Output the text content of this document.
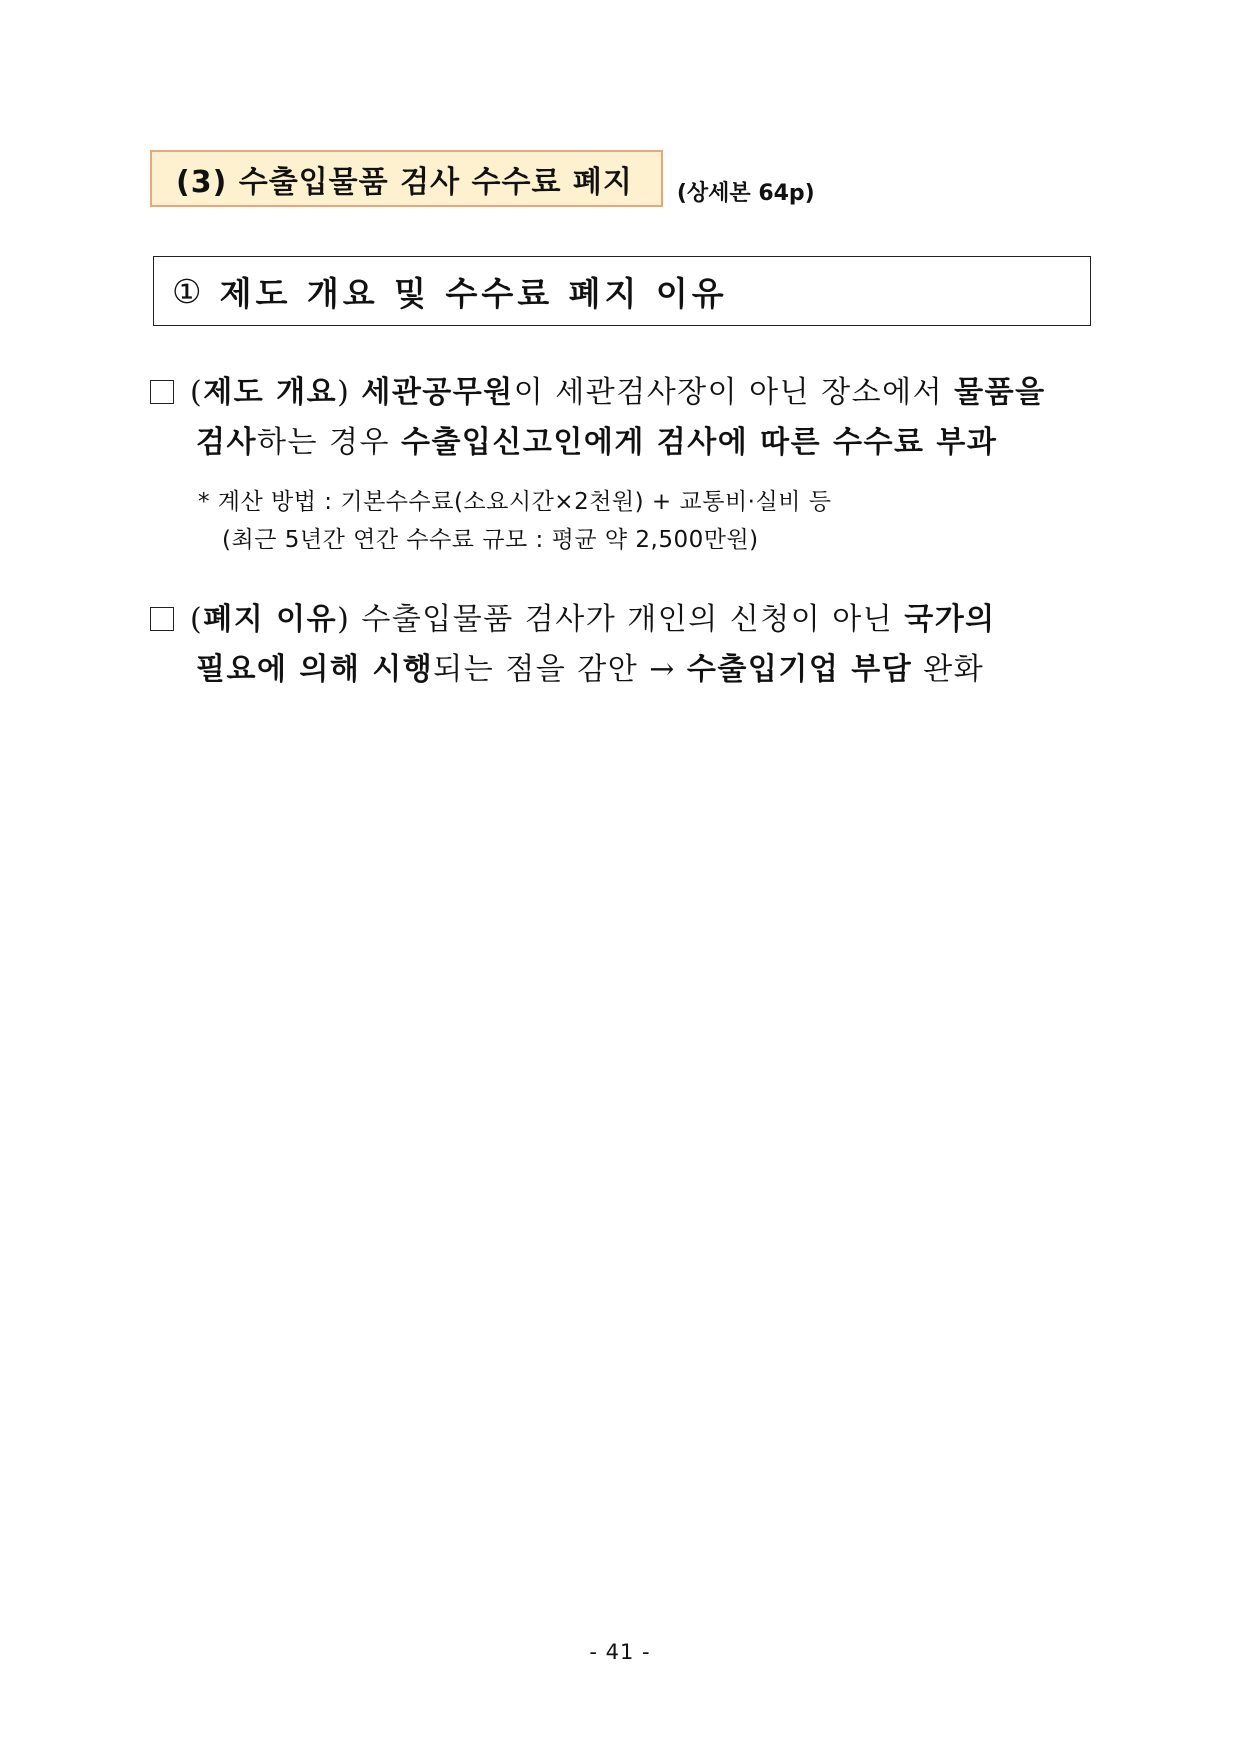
(3) 수출입물품 검사 수수료 폐지	(상세본 64p)
① 제도 개요 및 수수료 폐지 이유
(제도 개요) 세관공무원이 세관검사장이 아닌 장소에서 물품을
검사하는 경우 수출입신고인에게 검사에 따른 수수료 부과
* 계산 방법 : 기본수수료(소요시간×2천원) + 교통비·실비 등
(최근 5년간 연간 수수료 규모 : 평균 약 2,500만원)
(폐지 이유) 수출입물품 검사가 개인의 신청이 아닌 국가의
필요에 의해 시행되는 점을 감안 → 수출입기업 부담 완화
- 41 -
